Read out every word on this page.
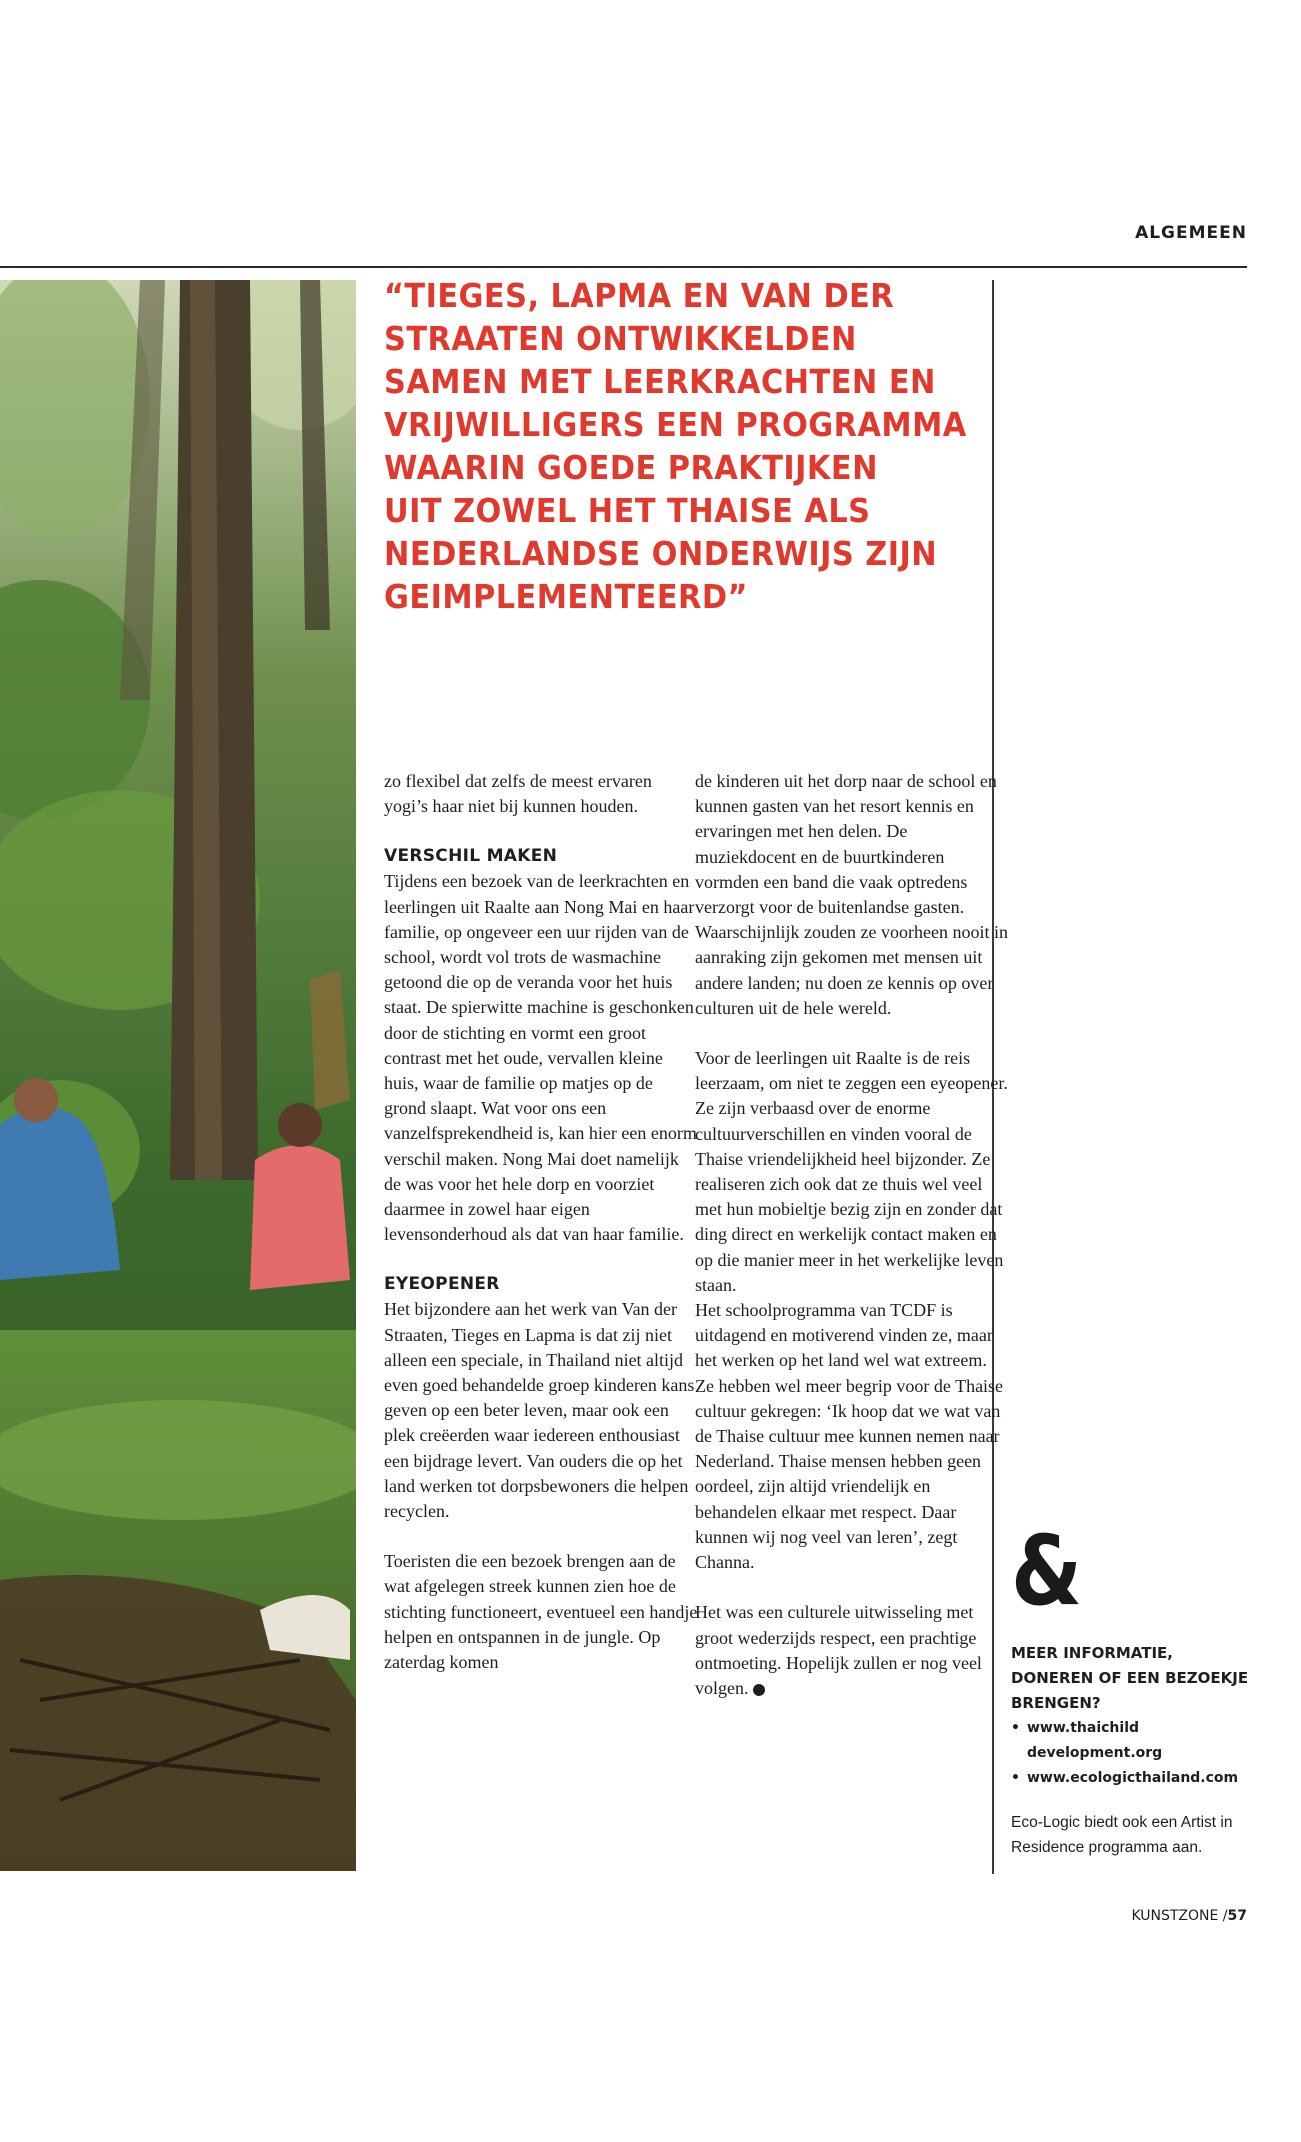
ALGEMEEN
“TIEGES, LAPMA EN VAN DER
STRAATEN ONTWIKKELDEN
SAMEN MET LEERKRACHTEN EN
VRIJWILLIGERS EEN PROGRAMMA
WAARIN GOEDE PRAKTIJKEN
UIT ZOWEL HET THAISE ALS
NEDERLANDSE ONDERWIJS ZIJN
GEIMPLEMENTEERD”

zo flexibel dat zelfs de meest ervaren yogi’s haar niet bij kunnen houden.

VERSCHIL MAKEN

Tijdens een bezoek van de leerkrachten en leerlingen uit Raalte aan Nong Mai en haar familie, op ongeveer een uur rijden van de school, wordt vol trots de wasmachine getoond die op de veranda voor het huis staat. De spierwitte machine is geschonken door de stichting en vormt een groot contrast met het oude, vervallen kleine huis, waar de familie op matjes op de grond slaapt. Wat voor ons een vanzelfsprekendheid is, kan hier een enorm verschil maken. Nong Mai doet namelijk de was voor het hele dorp en voorziet daarmee in zowel haar eigen levensonderhoud als dat van haar familie.

EYEOPENER

Het bijzondere aan het werk van Van der Straaten, Tieges en Lapma is dat zij niet alleen een speciale, in Thailand niet altijd even goed behandelde groep kinderen kans geven op een beter leven, maar ook een plek creëerden waar iedereen enthousiast een bijdrage levert. Van ouders die op het land werken tot dorpsbewoners die helpen recyclen.

Toeristen die een bezoek brengen aan de wat afgelegen streek kunnen zien hoe de stichting functioneert, eventueel een handje helpen en ontspannen in de jungle. Op zaterdag komen

de kinderen uit het dorp naar de school en kunnen gasten van het resort kennis en ervaringen met hen delen. De muziekdocent en de buurtkinderen vormden een band die vaak optredens verzorgt voor de buitenlandse gasten. Waarschijnlijk zouden ze voorheen nooit in aanraking zijn gekomen met mensen uit andere landen; nu doen ze kennis op over culturen uit de hele wereld.

Voor de leerlingen uit Raalte is de reis leerzaam, om niet te zeggen een eyeopener. Ze zijn verbaasd over de enorme cultuurverschillen en vinden vooral de Thaise vriendelijkheid heel bijzonder. Ze realiseren zich ook dat ze thuis wel veel met hun mobieltje bezig zijn en zonder dat ding direct en werkelijk contact maken en op die manier meer in het werkelijke leven staan.

Het schoolprogramma van TCDF is uitdagend en motiverend vinden ze, maar het werken op het land wel wat extreem.

Ze hebben wel meer begrip voor de Thaise cultuur gekregen: ‘Ik hoop dat we wat van de Thaise cultuur mee kunnen nemen naar Nederland. Thaise mensen hebben geen oordeel, zijn altijd vriendelijk en behandelen elkaar met respect. Daar kunnen wij nog veel van leren’, zegt Channa.

Het was een culturele uitwisseling met groot wederzijds respect, een prachtige ontmoeting. Hopelijk zullen er nog veel volgen.

&
MEER INFORMATIE, DONEREN OF EEN BEZOEKJE BRENGEN?
• www.thaichild development.org
• www.ecologicthailand.com
Eco-Logic biedt ook een Artist in Residence programma aan.
KUNSTZONE /57
